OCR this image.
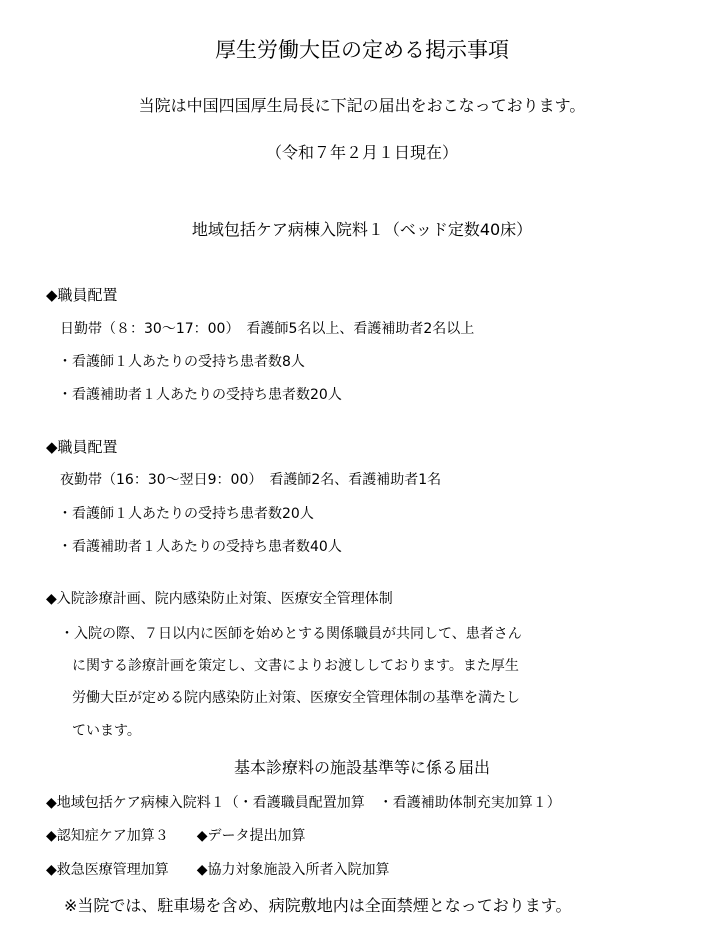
厚生労働大臣の定める掲示事項
当院は中国四国厚生局長に下記の届出をおこなっております。
（令和７年２月１日現在）
地域包括ケア病棟入院料１（ベッド定数40床）
◆職員配置
日勤帯（８：30～17：00）　看護師5名以上、看護補助者2名以上
・看護師１人あたりの受持ち患者数8人
・看護補助者１人あたりの受持ち患者数20人
◆職員配置
夜勤帯（16：30～翌日9：00）　看護師2名、看護補助者1名
・看護師１人あたりの受持ち患者数20人
・看護補助者１人あたりの受持ち患者数40人
◆入院診療計画、院内感染防止対策、医療安全管理体制
・入院の際、７日以内に医師を始めとする関係職員が共同して、患者さん
に関する診療計画を策定し、文書によりお渡ししております。また厚生
労働大臣が定める院内感染防止対策、医療安全管理体制の基準を満たし
ています。
基本診療料の施設基準等に係る届出
◆地域包括ケア病棟入院料１（・看護職員配置加算　・看護補助体制充実加算１）
◆認知症ケア加算３　　◆データ提出加算
◆救急医療管理加算　　◆協力対象施設入所者入院加算
※当院では、駐車場を含め、病院敷地内は全面禁煙となっております。
